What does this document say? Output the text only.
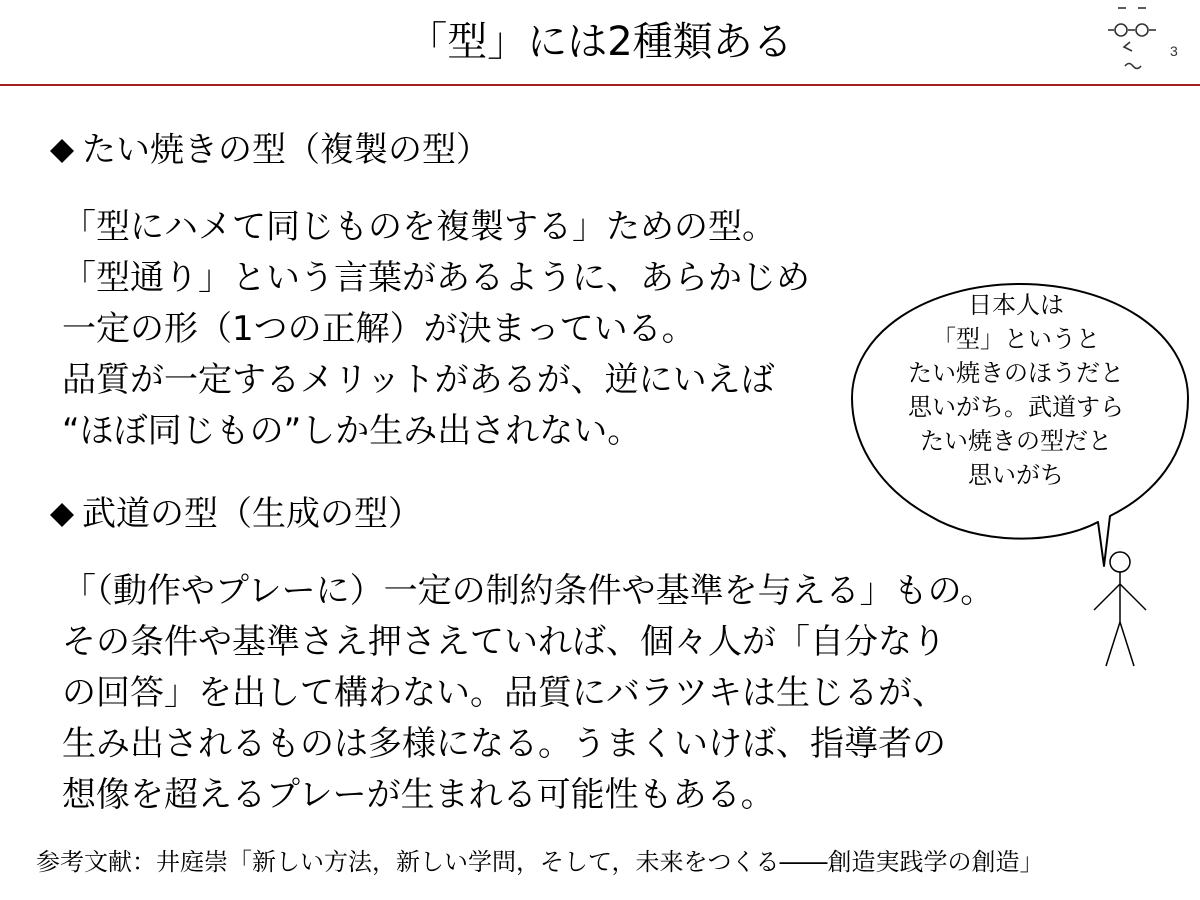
「型」には2種類ある	3
たい焼きの型（複製の型）
「型にハメて同じものを複製する」ための型。
「型通り」という言葉があるように、あらかじめ
一定の形（1つの正解）が決まっている。
品質が一定するメリットがあるが、逆にいえば
“ほぼ同じもの”しか生み出されない。
武道の型（生成の型）
「（動作やプレーに）一定の制約条件や基準を与える」もの。
その条件や基準さえ押さえていれば、個々人が「自分なり
の回答」を出して構わない。品質にバラツキは生じるが、
生み出されるものは多様になる。うまくいけば、指導者の
想像を超えるプレーが生まれる可能性もある。
日本人は
「型」というと
たい焼きのほうだと
思いがち。武道すら
たい焼きの型だと
思いがち
参考文献：井庭崇「新しい方法，新しい学問，そして，未来をつくる――創造実践学の創造」
